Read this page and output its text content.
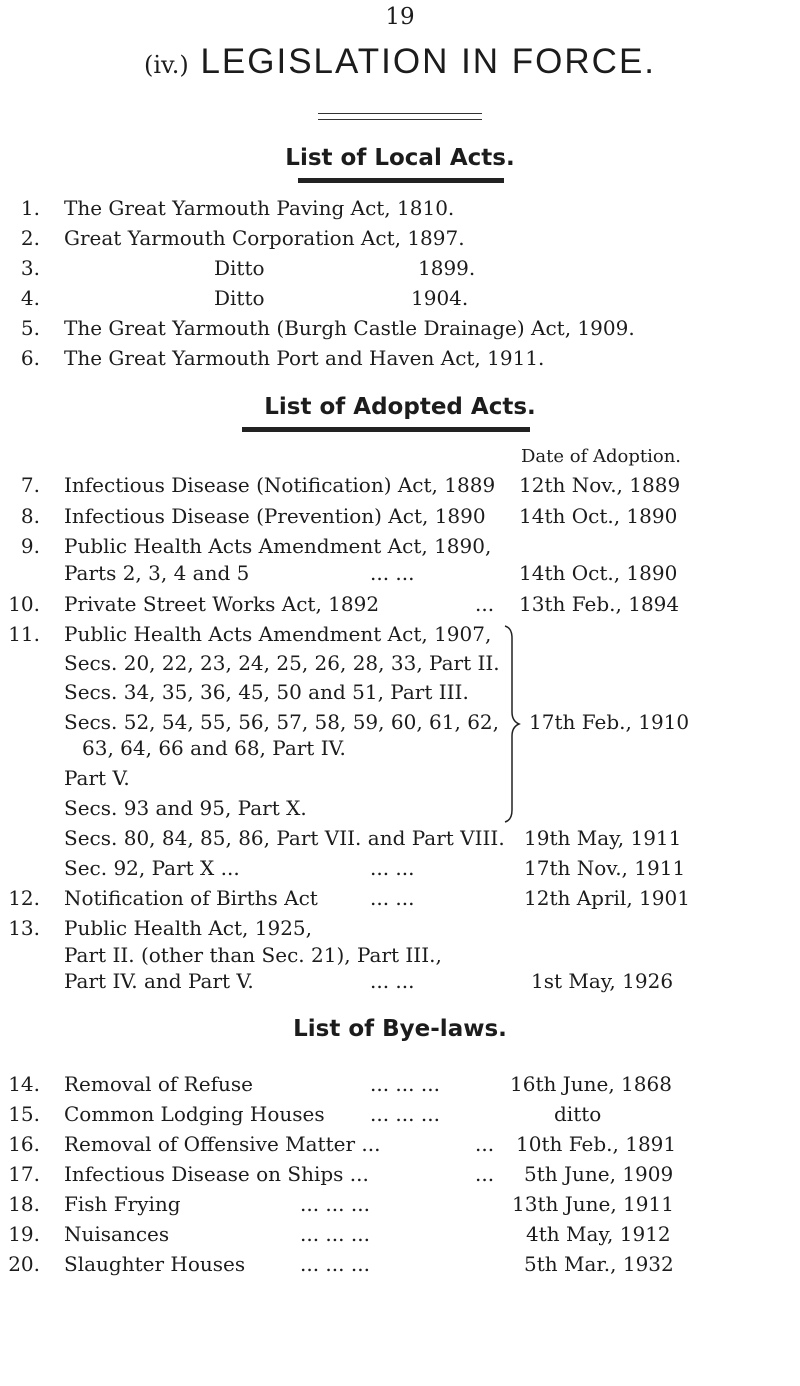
19
(iv.) LEGISLATION IN FORCE.
List of Local Acts.
1. The Great Yarmouth Paving Act, 1810.
2. Great Yarmouth Corporation Act, 1897.
3.	Ditto	1899.
4.	Ditto	1904.
5. The Great Yarmouth (Burgh Castle Drainage) Act, 1909.
6. The Great Yarmouth Port and Haven Act, 1911.
List of Adopted Acts.
Date of Adoption.
7. Infectious Disease (Notification) Act, 1889 12th Nov., 1889
8. Infectious Disease (Prevention) Act, 1890 14th Oct., 1890
9. Public Health Acts Amendment Act, 1890,
Parts 2, 3, 4 and 5	... ...	14th Oct., 1890
10. Private Street Works Act, 1892	... 13th Feb., 1894
11. Public Health Acts Amendment Act, 1907,
Secs. 20, 22, 23, 24, 25, 26, 28, 33, Part II.
Secs. 34, 35, 36, 45, 50 and 51, Part III.
Secs. 52, 54, 55, 56, 57, 58, 59, 60, 61, 62,
63, 64, 66 and 68, Part IV.
Part V.
Secs. 93 and 95, Part X.
17th Feb., 1910
Secs. 80, 84, 85, 86, Part VII. and Part VIII. 19th May, 1911
Sec. 92, Part X ...	... ...	17th Nov., 1911
12. Notification of Births Act	... ...	12th April, 1901
13. Public Health Act, 1925,
Part II. (other than Sec. 21), Part III.,
Part IV. and Part V.	... ...	1st May, 1926
List of Bye-laws.
14. Removal of Refuse	... ... ...	16th June, 1868
15. Common Lodging Houses ... ... ...	ditto
16. Removal of Offensive Matter ...	... 10th Feb., 1891
17. Infectious Disease on Ships ...	... 5th June, 1909
18. Fish Frying	... ... ...	13th June, 1911
19. Nuisances	... ... ...	4th May, 1912
20. Slaughter Houses	... ... ...	5th Mar., 1932
